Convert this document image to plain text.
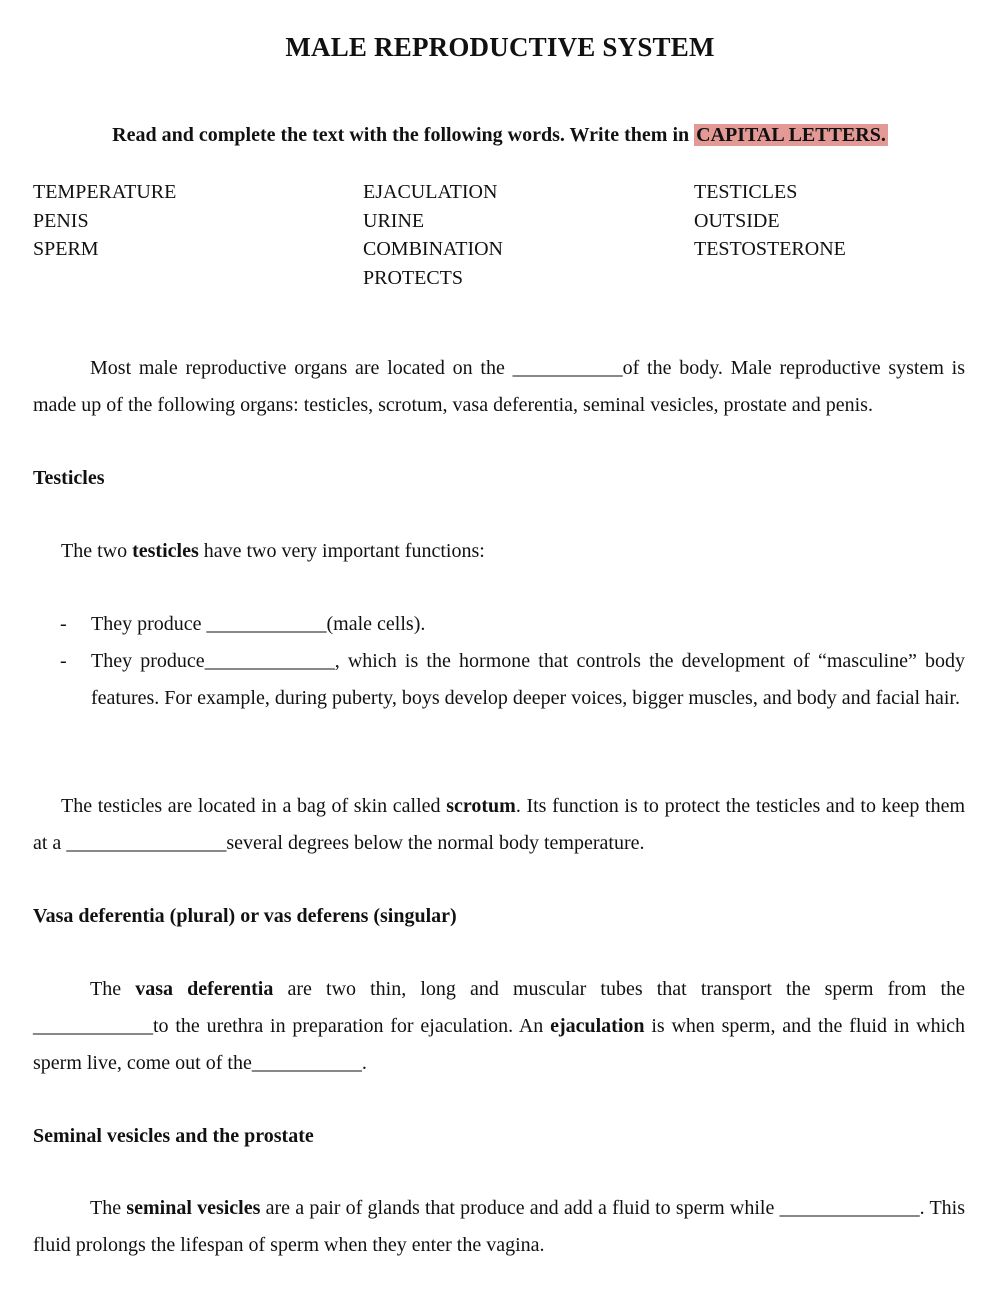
MALE REPRODUCTIVE SYSTEM
Read and complete the text with the following words. Write them in CAPITAL LETTERS.
TEMPERATURE
PENIS
SPERM
EJACULATION
URINE
COMBINATION
PROTECTS
TESTICLES
OUTSIDE
TESTOSTERONE
Most male reproductive organs are located on the ___________of the body. Male reproductive system is made up of the following organs: testicles, scrotum, vasa deferentia, seminal vesicles, prostate and penis.
Testicles
The two testicles have two very important functions:
- They produce ____________(male cells).
- They produce_____________, which is the hormone that controls the development of “masculine” body features. For example, during puberty, boys develop deeper voices, bigger muscles, and body and facial hair.
The testicles are located in a bag of skin called scrotum. Its function is to protect the testicles and to keep them at a ________________several degrees below the normal body temperature.
Vasa deferentia (plural) or vas deferens (singular)
The vasa deferentia are two thin, long and muscular tubes that transport the sperm from the ____________to the urethra in preparation for ejaculation. An ejaculation is when sperm, and the fluid in which sperm live, come out of the___________.
Seminal vesicles and the prostate
The seminal vesicles are a pair of glands that produce and add a fluid to sperm while ______________. This fluid prolongs the lifespan of sperm when they enter the vagina.
